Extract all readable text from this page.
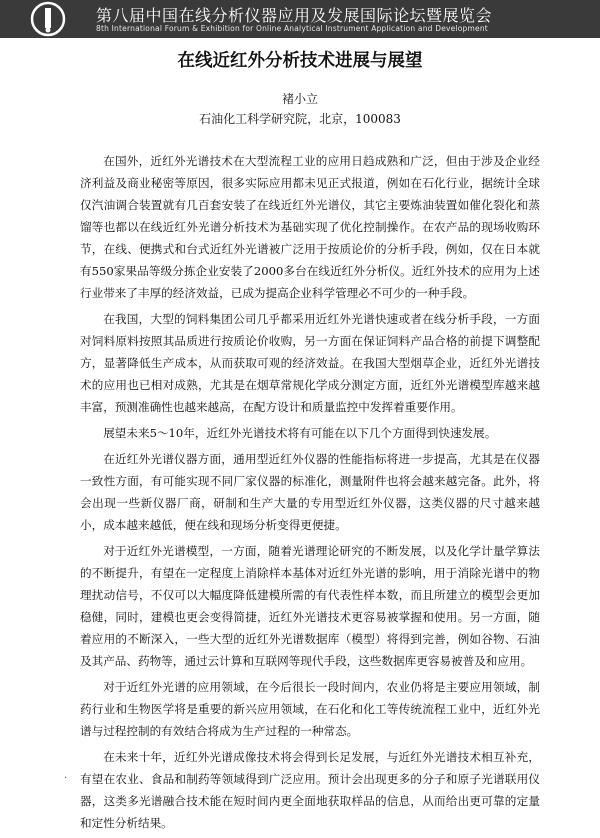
第八届中国在线分析仪器应用及发展国际论坛暨展览会
8th International Forum & Exhibition for Online Analytical Instrument Application and Development
在线近红外分析技术进展与展望
褚小立
石油化工科学研究院，北京，100083

在国外，近红外光谱技术在大型流程工业的应用日趋成熟和广泛，但由于涉及企业经济利益及商业秘密等原因，很多实际应用都未见正式报道，例如在石化行业，据统计全球仅汽油调合装置就有几百套安装了在线近红外光谱仪，其它主要炼油装置如催化裂化和蒸馏等也都以在线近红外光谱分析技术为基础实现了优化控制操作。在农产品的现场收购环节，在线、便携式和台式近红外光谱被广泛用于按质论价的分析手段，例如，仅在日本就有550家果品等级分拣企业安装了2000多台在线近红外分析仪。近红外技术的应用为上述行业带来了丰厚的经济效益，已成为提高企业科学管理必不可少的一种手段。

在我国，大型的饲料集团公司几乎都采用近红外光谱快速或者在线分析手段，一方面对饲料原料按照其品质进行按质论价收购，另一方面在保证饲料产品合格的前提下调整配方，显著降低生产成本，从而获取可观的经济效益。在我国大型烟草企业，近红外光谱技术的应用也已相对成熟，尤其是在烟草常规化学成分测定方面，近红外光谱模型库越来越丰富，预测准确性也越来越高，在配方设计和质量监控中发挥着重要作用。

展望未来5～10年，近红外光谱技术将有可能在以下几个方面得到快速发展。

在近红外光谱仪器方面，通用型近红外仪器的性能指标将进一步提高，尤其是在仪器一致性方面，有可能实现不同厂家仪器的标准化，测量附件也将会越来越完备。此外，将会出现一些新仪器厂商，研制和生产大量的专用型近红外仪器，这类仪器的尺寸越来越小，成本越来越低，便在线和现场分析变得更便捷。

对于近红外光谱模型，一方面，随着光谱理论研究的不断发展，以及化学计量学算法的不断提升，有望在一定程度上消除样本基体对近红外光谱的影响，用于消除光谱中的物理扰动信号，不仅可以大幅度降低建模所需的有代表性样本数，而且所建立的模型会更加稳健，同时，建模也更会变得简捷，近红外光谱技术更容易被掌握和使用。另一方面，随着应用的不断深入，一些大型的近红外光谱数据库（模型）将得到完善，例如谷物、石油及其产品、药物等，通过云计算和互联网等现代手段，这些数据库更容易被普及和应用。

对于近红外光谱的应用领域，在今后很长一段时间内，农业仍将是主要应用领域，制药行业和生物医学将是重要的新兴应用领域，在石化和化工等传统流程工业中，近红外光谱与过程控制的有效结合将成为生产过程的一种常态。

在未来十年，近红外光谱成像技术将会得到长足发展，与近红外光谱技术相互补充，有望在农业、食品和制药等领域得到广泛应用。预计会出现更多的分子和原子光谱联用仪器，这类多光谱融合技术能在短时间内更全面地获取样品的信息，从而给出更可靠的定量和定性分析结果。

·
